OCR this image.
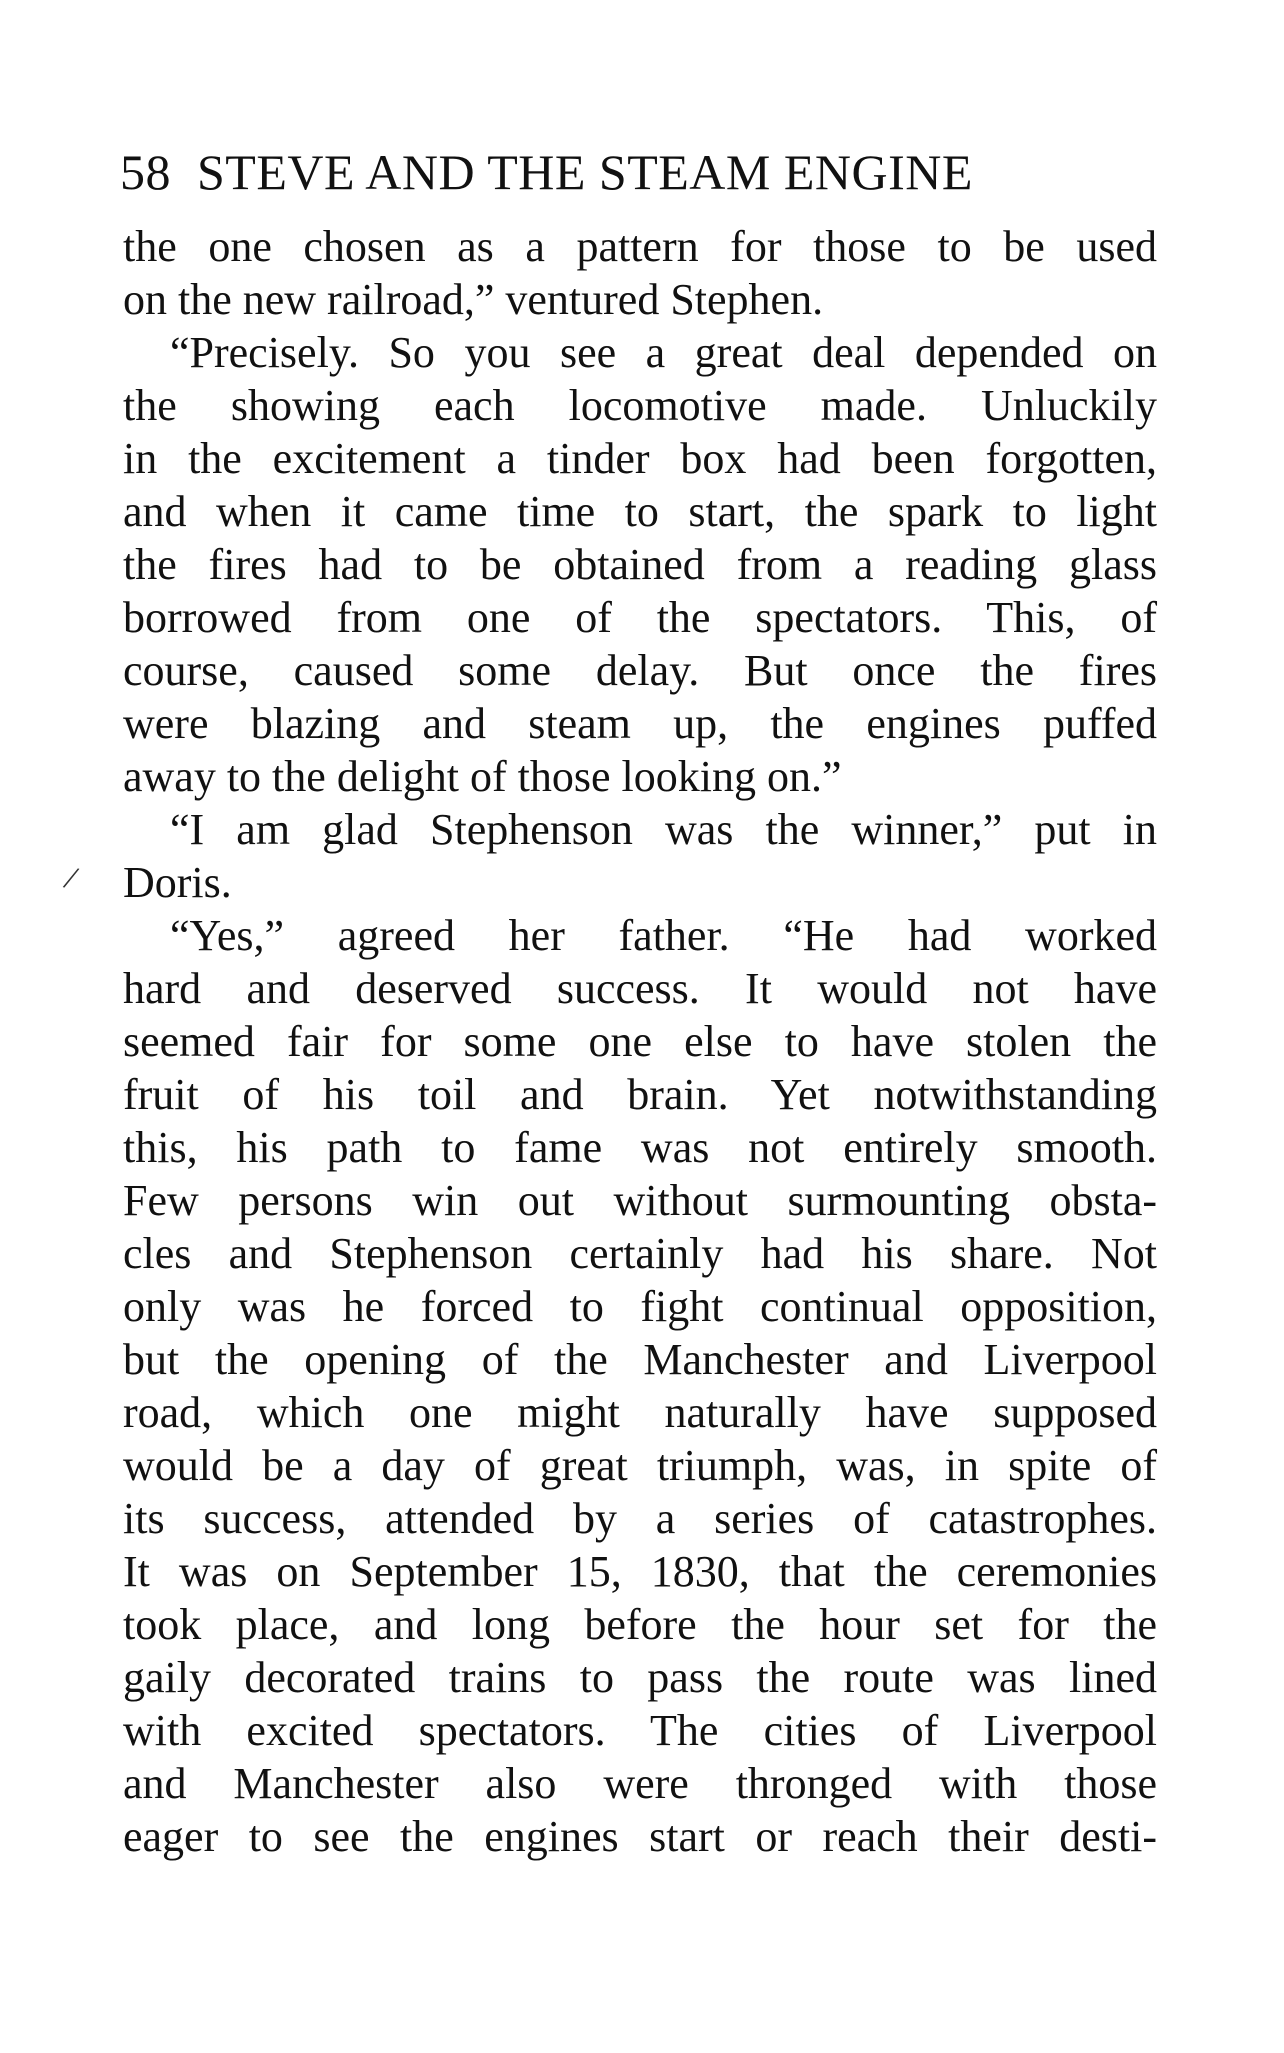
58 STEVE AND THE STEAM ENGINE
/
the one chosen as a pattern for those to be used
on the new railroad,” ventured Stephen.
“Precisely. So you see a great deal depended on
the showing each locomotive made. Unluckily
in the excitement a tinder box had been forgotten,
and when it came time to start, the spark to light
the fires had to be obtained from a reading glass
borrowed from one of the spectators. This, of
course, caused some delay. But once the fires
were blazing and steam up, the engines puffed
away to the delight of those looking on.”
“I am glad Stephenson was the winner,” put in
Doris.
“Yes,” agreed her father. “He had worked
hard and deserved success. It would not have
seemed fair for some one else to have stolen the
fruit of his toil and brain. Yet notwithstanding
this, his path to fame was not entirely smooth.
Few persons win out without surmounting obsta-
cles and Stephenson certainly had his share. Not
only was he forced to fight continual opposition,
but the opening of the Manchester and Liverpool
road, which one might naturally have supposed
would be a day of great triumph, was, in spite of
its success, attended by a series of catastrophes.
It was on September 15, 1830, that the ceremonies
took place, and long before the hour set for the
gaily decorated trains to pass the route was lined
with excited spectators. The cities of Liverpool
and Manchester also were thronged with those
eager to see the engines start or reach their desti-
